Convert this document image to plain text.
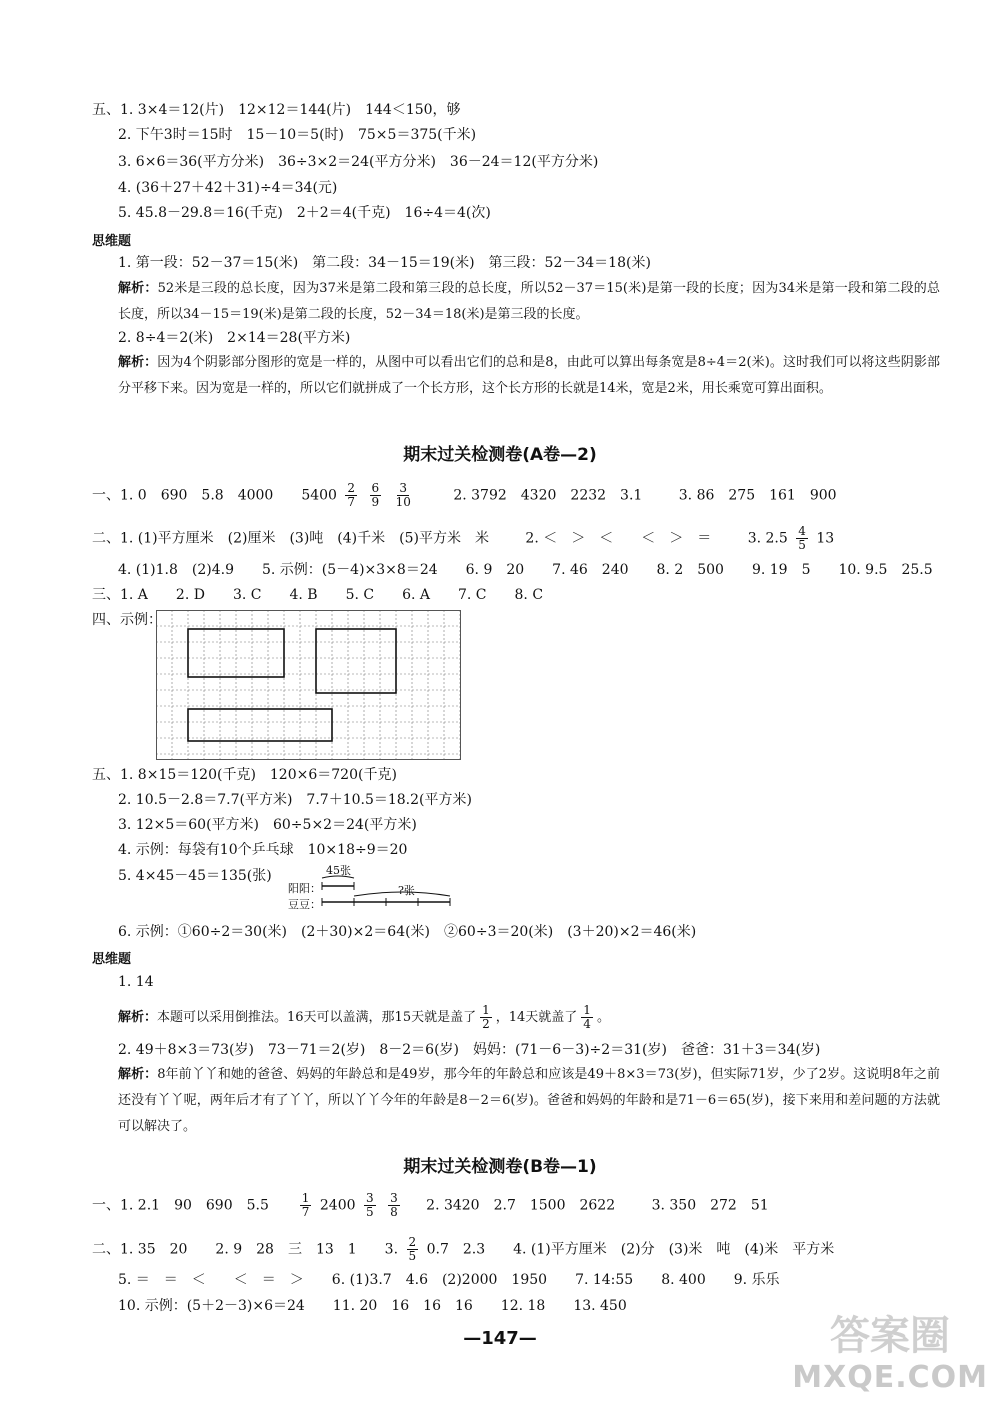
五、1. 3×4＝12(片)　12×12＝144(片)　144＜150，够
2. 下午3时＝15时　15－10＝5(时)　75×5＝375(千米)
3. 6×6＝36(平方分米)　36÷3×2＝24(平方分米)　36－24＝12(平方分米)
4. (36＋27＋42＋31)÷4＝34(元)
5. 45.8－29.8＝16(千克)　2＋2＝4(千克)　16÷4＝4(次)
思维题
1. 第一段：52－37＝15(米)　第二段：34－15＝19(米)　第三段：52－34＝18(米)
解析：52米是三段的总长度，因为37米是第二段和第三段的总长度，所以52－37＝15(米)是第一段的长度；因为34米是第一段和第二段的总长度，所以34－15＝19(米)是第二段的长度，52－34＝18(米)是第三段的长度。
2. 8÷4＝2(米)　2×14＝28(平方米)
解析：因为4个阴影部分图形的宽是一样的，从图中可以看出它们的总和是8，由此可以算出每条宽是8÷4＝2(米)。这时我们可以将这些阴影部分平移下来。因为宽是一样的，所以它们就拼成了一个长方形，这个长方形的长就是14米，宽是2米，用长乘宽可算出面积。
期末过关检测卷(A卷—2)
一、1. 0　690　5.8　4000　　$5400 \frac{2}{7}$
$\frac{6}{9}$
$\frac{3}{10}$	2. 3792　4320　2232　3.1	3. 86　275　161　900
二、1. (1)平方厘米　(2)厘米　(3)吨　(4)千米　(5)平方米　米	2. ＜　＞　＜　　＜　＞　＝	3. $2.5 \frac{4}{5} 13$
4. (1)1.8　(2)4.9　　5. 示例：(5－4)×3×8＝24　　6. 9　20　　7. 46　240　　8. 2　500　　9. 19　5　　10. 9.5　25.5
三、1. A　　2. D　　3. C　　4. B　　5. C　　6. A　　7. C　　8. C
四、示例：
五、1. 8×15＝120(千克)　120×6＝720(千克)
2. 10.5－2.8＝7.7(平方米)　7.7＋10.5＝18.2(平方米)
3. 12×5＝60(平方米)　60÷5×2＝24(平方米)
4. 示例：每袋有10个乒乓球　10×18÷9＝20
5. 4×45－45＝135(张)
阳阳：
豆豆：
45张
?张
6. 示例：①60÷2＝30(米)　(2＋30)×2＝64(米)　②60÷3＝20(米)　(3＋20)×2＝46(米)
思维题
1. 14
解析：本题可以采用倒推法。16天可以盖满，那15天就是盖了 $\frac{1}{2}$ ，14天就盖了 $\frac{1}{4}$ 。
2. 49＋8×3＝73(岁)　73－71＝2(岁)　8－2＝6(岁)　妈妈：(71－6－3)÷2＝31(岁)　爸爸：31＋3＝34(岁)
解析：8年前丫丫和她的爸爸、妈妈的年龄总和是49岁，那今年的年龄总和应该是49＋8×3＝73(岁)，但实际71岁，少了2岁。这说明8年之前还没有丫丫呢，两年后才有了丫丫，所以丫丫今年的年龄是8－2＝6(岁)。爸爸和妈妈的年龄和是71－6＝65(岁)，接下来用和差问题的方法就可以解决了。
期末过关检测卷(B卷—1)
一、1. 2.1　90　690　5.5	$\frac{1}{7} 2400 \frac{3}{5}$
$\frac{3}{8} 2$. 3420　2.7　1500　2622	3. 350　272　51
二、1. 35　20　　2. 9　28　三　13　1　　3. $\frac{2}{5} 0.7$　2.3　　4. (1)平方厘米　(2)分　(3)米　吨　(4)米　平方米
5. ＝　＝　＜　　＜　＝　＞　　6. (1)3.7　4.6　(2)2000　1950　　7. 14:55　　8. 400　　9. 乐乐
10. 示例：(5＋2－3)×6＝24　　11. 20　16　16　16　　12. 18　　13. 450
—147—	答案圈
MXQE.COM
